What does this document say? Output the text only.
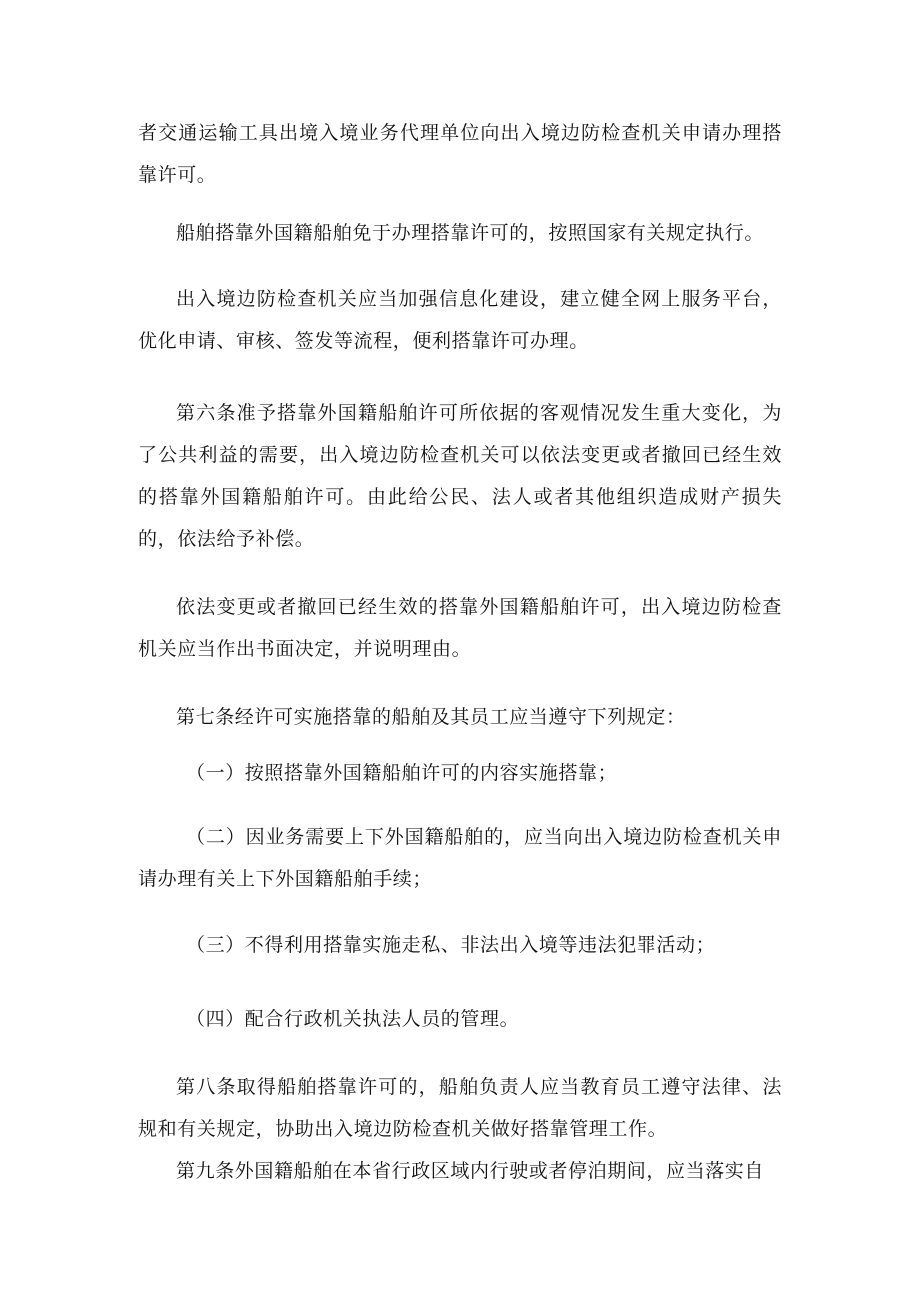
者交通运输工具出境入境业务代理单位向出入境边防检查机关申请办理搭靠许可。

船舶搭靠外国籍船舶免于办理搭靠许可的，按照国家有关规定执行。

出入境边防检查机关应当加强信息化建设，建立健全网上服务平台，优化申请、审核、签发等流程，便利搭靠许可办理。

第六条准予搭靠外国籍船舶许可所依据的客观情况发生重大变化，为了公共利益的需要，出入境边防检查机关可以依法变更或者撤回已经生效的搭靠外国籍船舶许可。由此给公民、法人或者其他组织造成财产损失的，依法给予补偿。

依法变更或者撤回已经生效的搭靠外国籍船舶许可，出入境边防检查机关应当作出书面决定，并说明理由。

第七条经许可实施搭靠的船舶及其员工应当遵守下列规定：

（一）按照搭靠外国籍船舶许可的内容实施搭靠；

（二）因业务需要上下外国籍船舶的，应当向出入境边防检查机关申请办理有关上下外国籍船舶手续；

（三）不得利用搭靠实施走私、非法出入境等违法犯罪活动；

（四）配合行政机关执法人员的管理。

第八条取得船舶搭靠许可的，船舶负责人应当教育员工遵守法律、法规和有关规定，协助出入境边防检查机关做好搭靠管理工作。

第九条外国籍船舶在本省行政区域内行驶或者停泊期间，应当落实自
